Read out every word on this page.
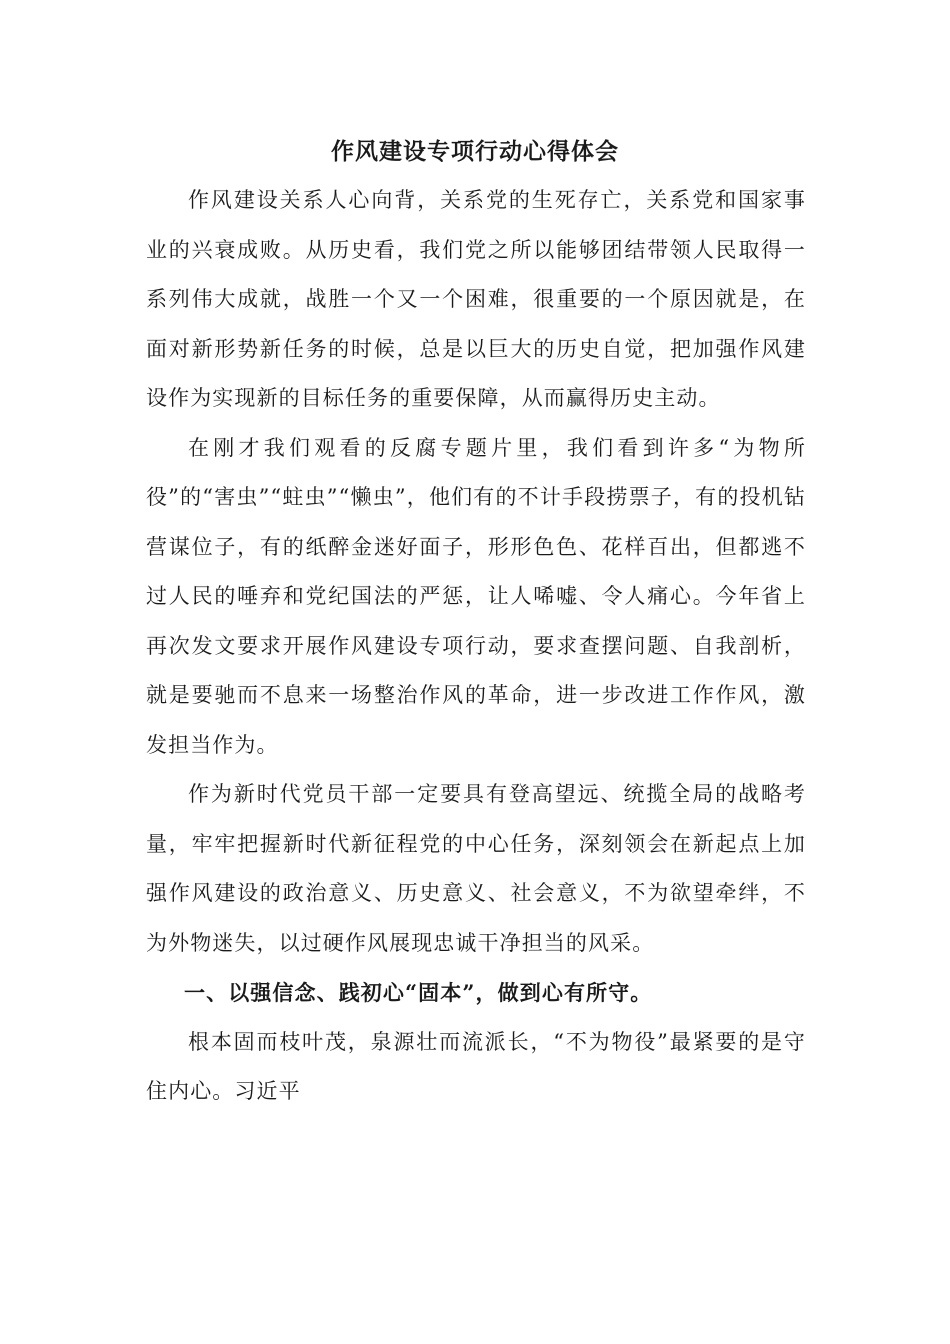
作风建设专项行动心得体会

作风建设关系人心向背，关系党的生死存亡，关系党和国家事业的兴衰成败。从历史看，我们党之所以能够团结带领人民取得一系列伟大成就，战胜一个又一个困难，很重要的一个原因就是，在面对新形势新任务的时候，总是以巨大的历史自觉，把加强作风建设作为实现新的目标任务的重要保障，从而赢得历史主动。

在刚才我们观看的反腐专题片里，我们看到许多“为物所役”的“害虫”“蛀虫”“懒虫”，他们有的不计手段捞票子，有的投机钻营谋位子，有的纸醉金迷好面子，形形色色、花样百出，但都逃不过人民的唾弃和党纪国法的严惩，让人唏嘘、令人痛心。今年省上再次发文要求开展作风建设专项行动，要求查摆问题、自我剖析，就是要驰而不息来一场整治作风的革命，进一步改进工作作风，激发担当作为。

作为新时代党员干部一定要具有登高望远、统揽全局的战略考量，牢牢把握新时代新征程党的中心任务，深刻领会在新起点上加强作风建设的政治意义、历史意义、社会意义，不为欲望牵绊，不为外物迷失，以过硬作风展现忠诚干净担当的风采。

一、以强信念、践初心“固本”，做到心有所守。

根本固而枝叶茂，泉源壮而流派长，“不为物役”最紧要的是守住内心。习近平
